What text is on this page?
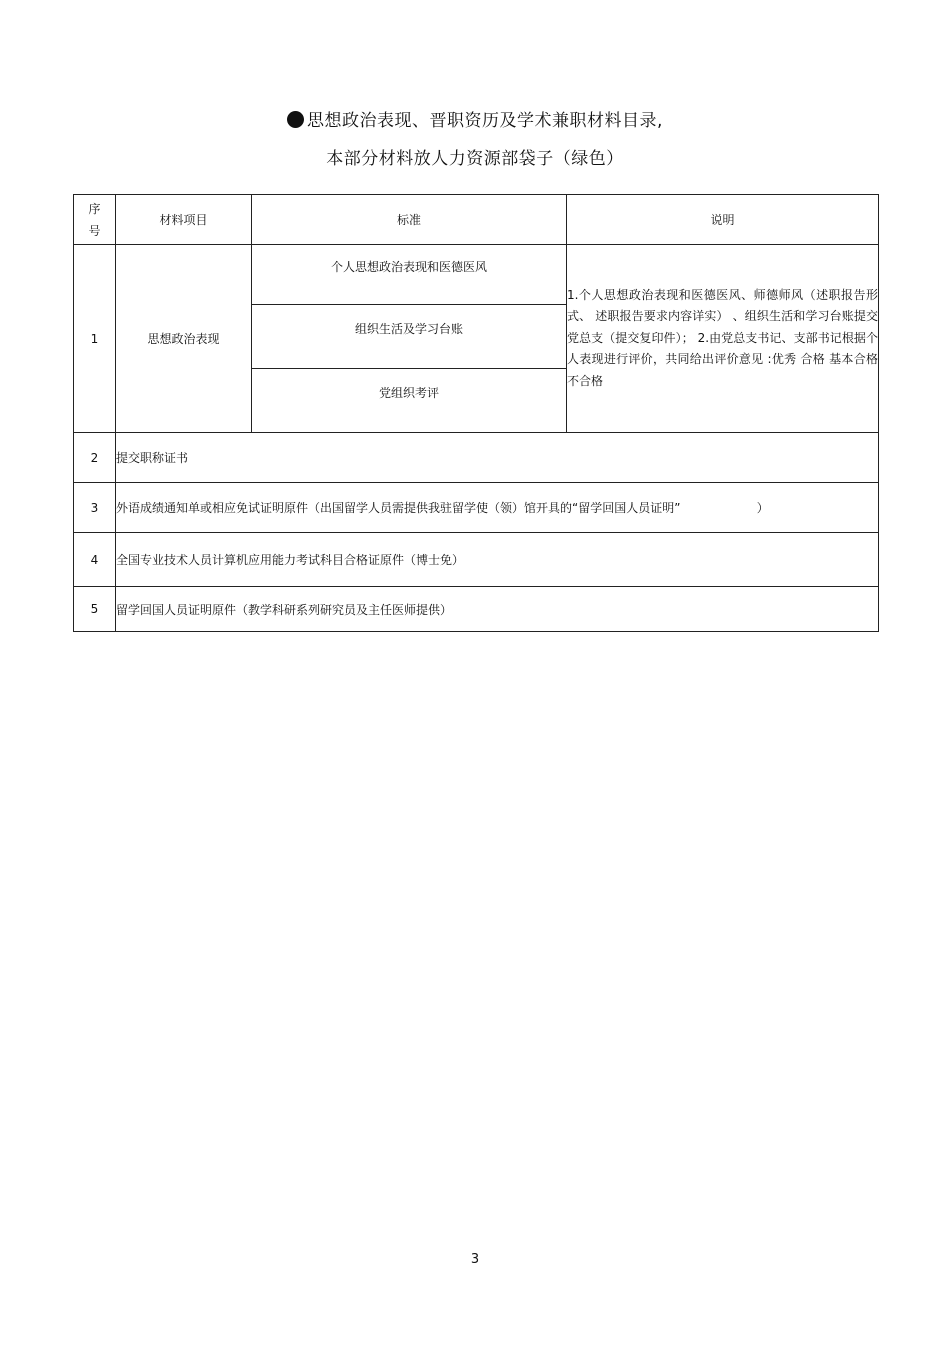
思想政治表现、晋职资历及学术兼职材料目录,
本部分材料放人力资源部袋子（绿色）
序
号	材料项目	标准	说明
1	思想政治表现	个人思想政治表现和医德医风	1.个人思想政治表现和医德医风、师德师风（述职报告形式、 述职报告要求内容详实） 、组织生活和学习台账提交党总支（提交复印件）； 2.由党总支书记、支部书记根据个人表现进行评价，共同给出评价意见 :优秀 合格 基本合格 不合格

		组织生活及学习台账	

		党组织考评	

2	提交职称证书		
3	外语成绩通知单或相应免试证明原件（出国留学人员需提供我驻留学使（领）馆开具的“留学回国人员证明”                    ）		
4	全国专业技术人员计算机应用能力考试科目合格证原件（博士免）		
5	留学回国人员证明原件（教学科研系列研究员及主任医师提供）		
3
